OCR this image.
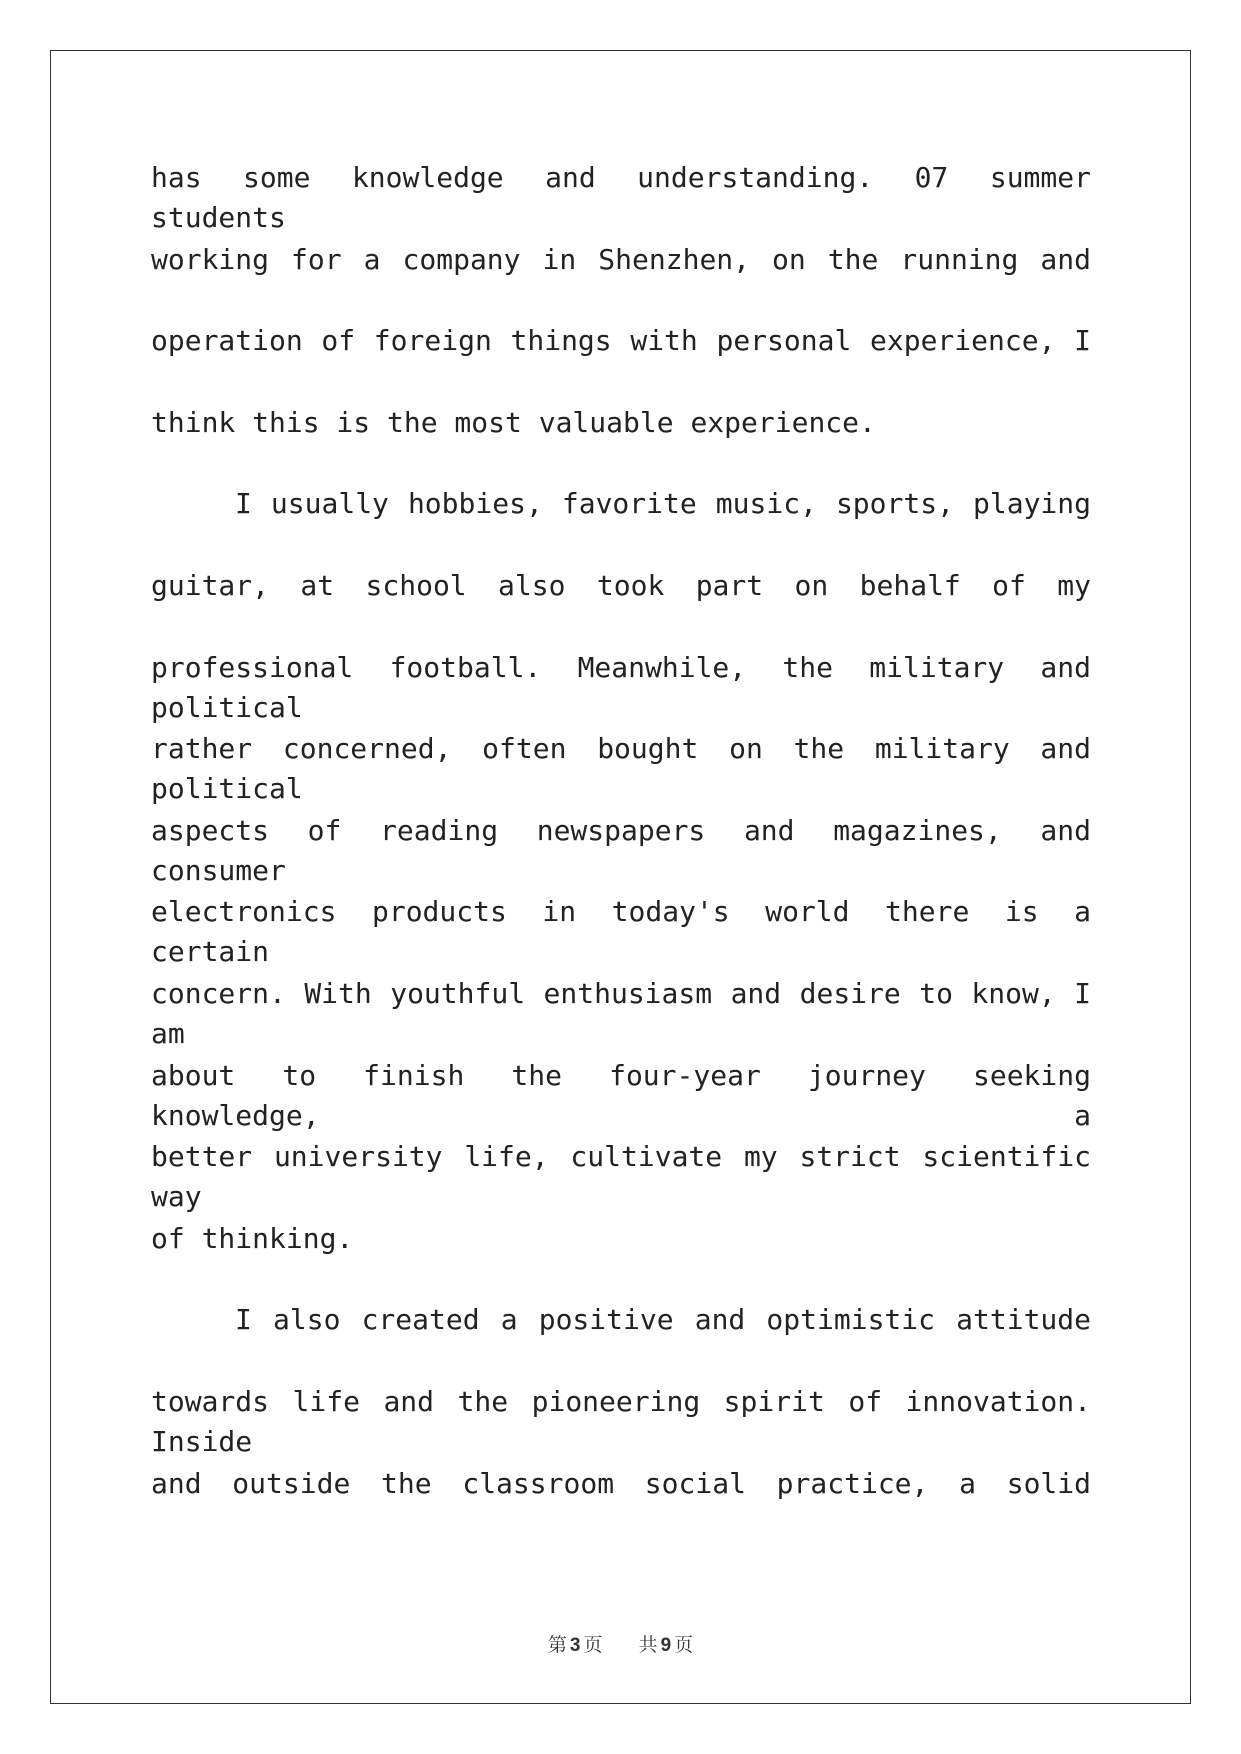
has some knowledge and understanding. 07 summer students
working for a company in Shenzhen, on the running and
operation of foreign things with personal experience, I
think this is the most valuable experience.
I usually hobbies, favorite music, sports, playing
guitar, at school also took part on behalf of my
professional football. Meanwhile, the military and political
rather concerned, often bought on the military and political
aspects of reading newspapers and magazines, and consumer
electronics products in today's world there is a certain
concern. With youthful enthusiasm and desire to know, I am
about to finish the four-year journey seeking knowledge, a
better university life, cultivate my strict scientific way
of thinking.
I also created a positive and optimistic attitude
towards life and the pioneering spirit of innovation. Inside
and outside the classroom social practice, a solid
第 3 页 共 9 页
